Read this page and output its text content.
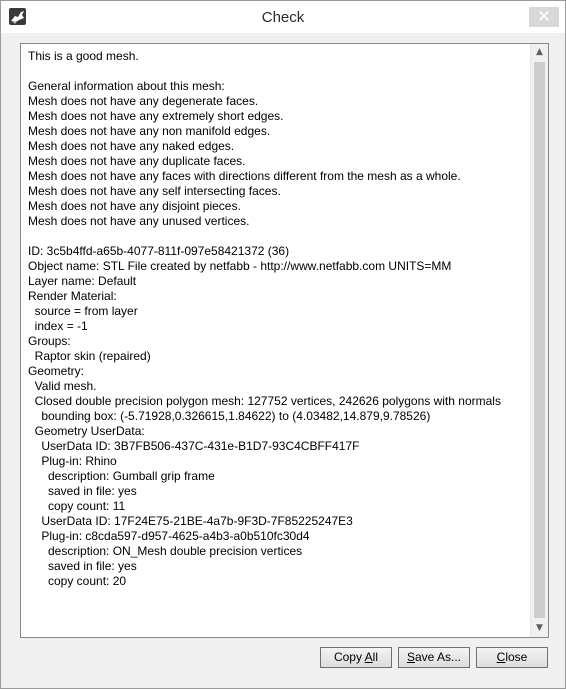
Check	✕
This is a good mesh.

General information about this mesh:
Mesh does not have any degenerate faces.
Mesh does not have any extremely short edges.
Mesh does not have any non manifold edges.
Mesh does not have any naked edges.
Mesh does not have any duplicate faces.
Mesh does not have any faces with directions different from the mesh as a whole.
Mesh does not have any self intersecting faces.
Mesh does not have any disjoint pieces.
Mesh does not have any unused vertices.

ID: 3c5b4ffd-a65b-4077-811f-097e58421372 (36)
Object name: STL File created by netfabb - http://www.netfabb.com UNITS=MM
Layer name: Default
Render Material:
source = from layer
index = -1
Groups:
Raptor skin (repaired)
Geometry:
Valid mesh.
Closed double precision polygon mesh: 127752 vertices, 242626 polygons with normals
bounding box: (-5.71928,0.326615,1.84622) to (4.03482,14.879,9.78526)
Geometry UserData:
UserData ID: 3B7FB506-437C-431e-B1D7-93C4CBFF417F
Plug-in: Rhino
description: Gumball grip frame
saved in file: yes
copy count: 11
UserData ID: 17F24E75-21BE-4a7b-9F3D-7F85225247E3
Plug-in: c8cda597-d957-4625-a4b3-a0b510fc30d4
description: ON_Mesh double precision vertices
saved in file: yes
copy count: 20
▲
▼
Copy All	Save As...	Close
